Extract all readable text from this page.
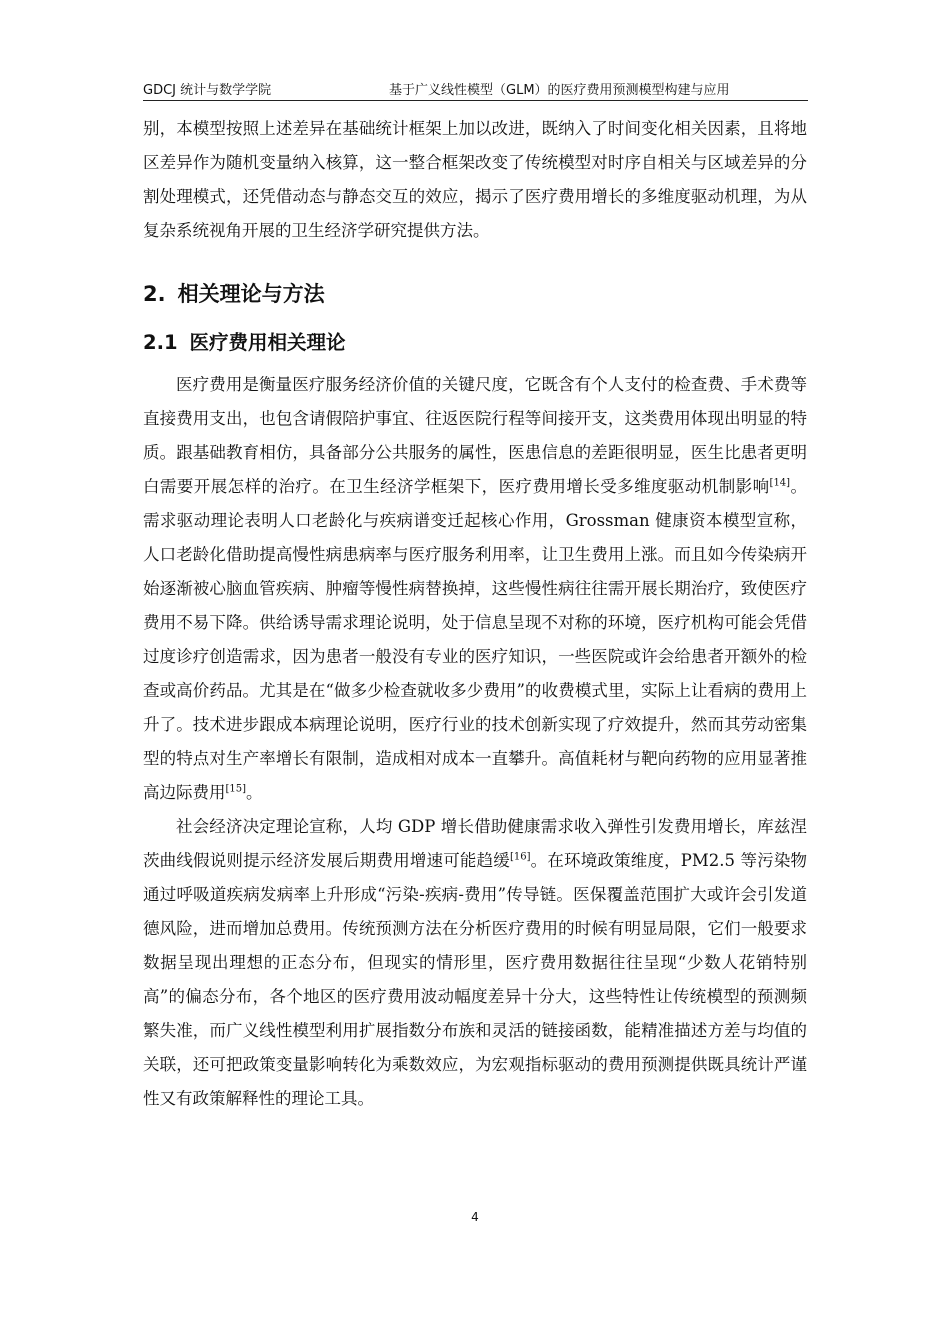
GDCJ 统计与数学学院	基于广义线性模型（GLM）的医疗费用预测模型构建与应用

别，本模型按照上述差异在基础统计框架上加以改进，既纳入了时间变化相关因素，且将地区差异作为随机变量纳入核算，这一整合框架改变了传统模型对时序自相关与区域差异的分割处理模式，还凭借动态与静态交互的效应，揭示了医疗费用增长的多维度驱动机理，为从复杂系统视角开展的卫生经济学研究提供方法。

2. 相关理论与方法
2.1 医疗费用相关理论

医疗费用是衡量医疗服务经济价值的关键尺度，它既含有个人支付的检查费、手术费等直接费用支出，也包含请假陪护事宜、往返医院行程等间接开支，这类费用体现出明显的特质。跟基础教育相仿，具备部分公共服务的属性，医患信息的差距很明显，医生比患者更明白需要开展怎样的治疗。在卫生经济学框架下，医疗费用增长受多维度驱动机制影响[14]。需求驱动理论表明人口老龄化与疾病谱变迁起核心作用，Grossman 健康资本模型宣称，人口老龄化借助提高慢性病患病率与医疗服务利用率，让卫生费用上涨。而且如今传染病开始逐渐被心脑血管疾病、肿瘤等慢性病替换掉，这些慢性病往往需开展长期治疗，致使医疗费用不易下降。供给诱导需求理论说明，处于信息呈现不对称的环境，医疗机构可能会凭借过度诊疗创造需求，因为患者一般没有专业的医疗知识，一些医院或许会给患者开额外的检查或高价药品。尤其是在“做多少检查就收多少费用”的收费模式里，实际上让看病的费用上升了。技术进步跟成本病理论说明，医疗行业的技术创新实现了疗效提升，然而其劳动密集型的特点对生产率增长有限制，造成相对成本一直攀升。高值耗材与靶向药物的应用显著推高边际费用[15]。

社会经济决定理论宣称，人均 GDP 增长借助健康需求收入弹性引发费用增长，库兹涅茨曲线假说则提示经济发展后期费用增速可能趋缓[16]。在环境政策维度，PM2.5 等污染物通过呼吸道疾病发病率上升形成“污染-疾病-费用”传导链。医保覆盖范围扩大或许会引发道德风险，进而增加总费用。传统预测方法在分析医疗费用的时候有明显局限，它们一般要求数据呈现出理想的正态分布，但现实的情形里，医疗费用数据往往呈现“少数人花销特别高”的偏态分布，各个地区的医疗费用波动幅度差异十分大，这些特性让传统模型的预测频繁失准，而广义线性模型利用扩展指数分布族和灵活的链接函数，能精准描述方差与均值的关联，还可把政策变量影响转化为乘数效应，为宏观指标驱动的费用预测提供既具统计严谨性又有政策解释性的理论工具。

4
